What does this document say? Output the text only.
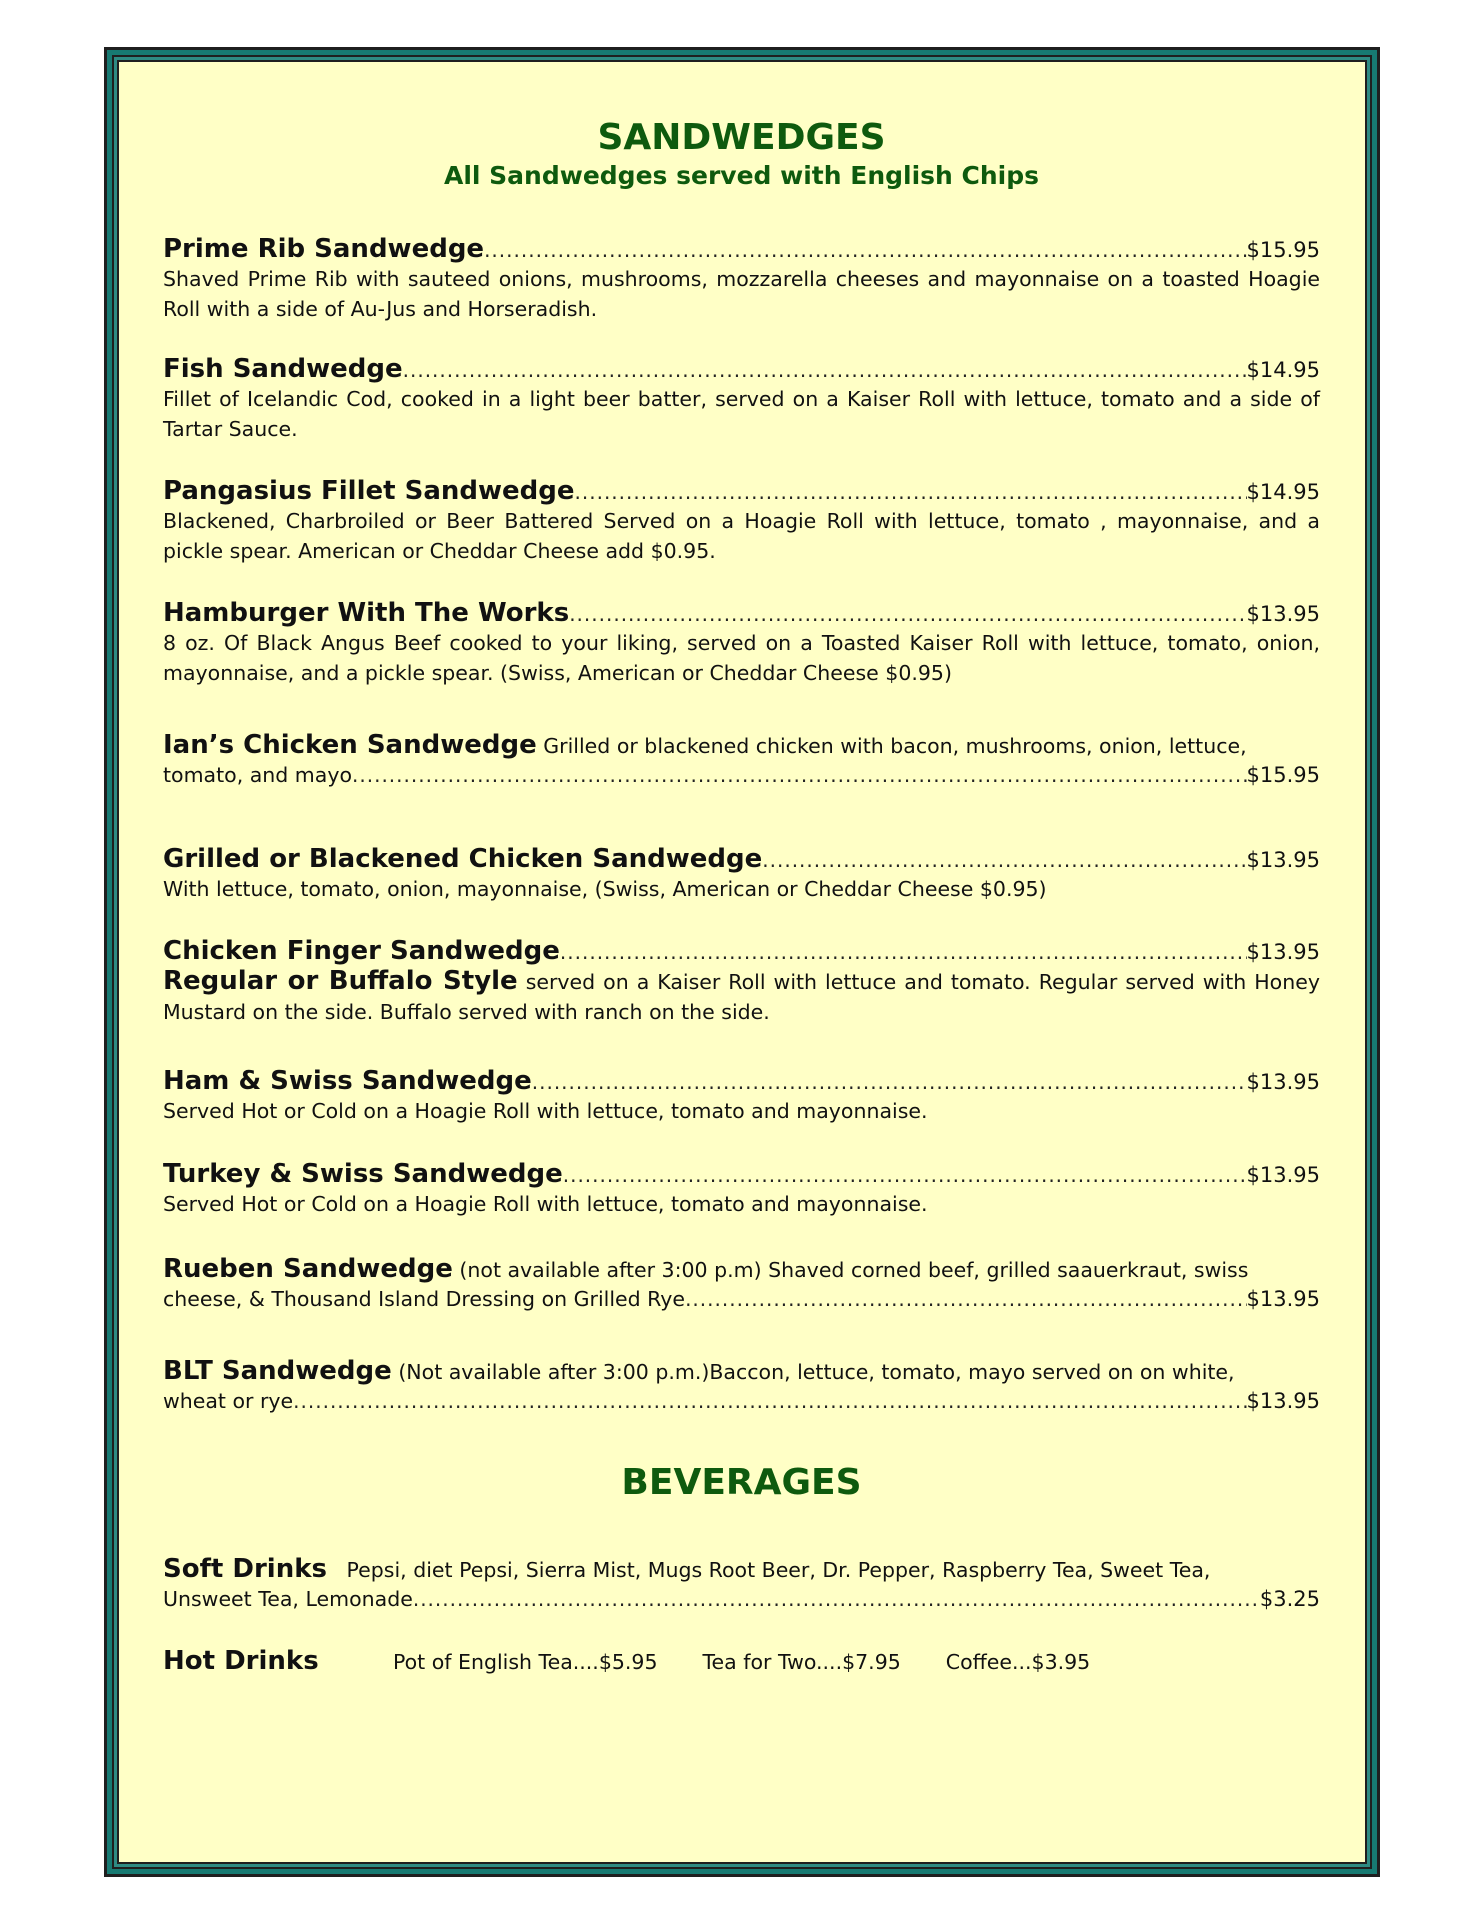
SANDWEDGES

All Sandwedges served with English Chips

Prime Rib Sandwedge .....	$15.95

Shaved Prime Rib with sauteed onions, mushrooms, mozzarella cheeses and mayonnaise on a toasted Hoagie Roll with a side of Au-Jus and Horseradish.

Fish Sandwedge .....	$14.95

Fillet of Icelandic Cod, cooked in a light beer batter, served on a Kaiser Roll with lettuce, tomato and a side of Tartar Sauce.

Pangasius Fillet Sandwedge .....	$14.95

Blackened, Charbroiled or Beer Battered Served on a Hoagie Roll with lettuce, tomato , mayonnaise, and a pickle spear. American or Cheddar Cheese add $0.95.

Hamburger With The Works .....	$13.95

8 oz. Of Black Angus Beef cooked to your liking, served on a Toasted Kaiser Roll with lettuce, tomato, onion, mayonnaise, and a pickle spear. (Swiss, American or Cheddar Cheese $0.95)

Ian’s Chicken Sandwedge Grilled or blackened chicken with bacon, mushrooms, onion, lettuce,

tomato, and mayo .....	$15.95
Grilled or Blackened Chicken Sandwedge .....	$13.95

With lettuce, tomato, onion, mayonnaise, (Swiss, American or Cheddar Cheese $0.95)

Chicken Finger Sandwedge .....	$13.95

Regular or Buffalo Style served on a Kaiser Roll with lettuce and tomato. Regular served with Honey Mustard on the side. Buffalo served with ranch on the side.

Ham & Swiss Sandwedge .....	$13.95

Served Hot or Cold on a Hoagie Roll with lettuce, tomato and mayonnaise.

Turkey & Swiss Sandwedge .....	$13.95

Served Hot or Cold on a Hoagie Roll with lettuce, tomato and mayonnaise.

Rueben Sandwedge (not available after 3:00 p.m) Shaved corned beef, grilled saauerkraut, swiss

cheese, & Thousand Island Dressing on Grilled Rye .....	$13.95

BLT Sandwedge (Not available after 3:00 p.m.)Baccon, lettuce, tomato, mayo served on on white,

wheat or rye .....	$13.95

BEVERAGES

Soft Drinks Pepsi, diet Pepsi, Sierra Mist, Mugs Root Beer, Dr. Pepper, Raspberry Tea, Sweet Tea,

Unsweet Tea, Lemonade .....	$3.25
Hot Drinks	Pot of English Tea....$5.95 Tea for Two....$7.95 Coffee...$3.95
